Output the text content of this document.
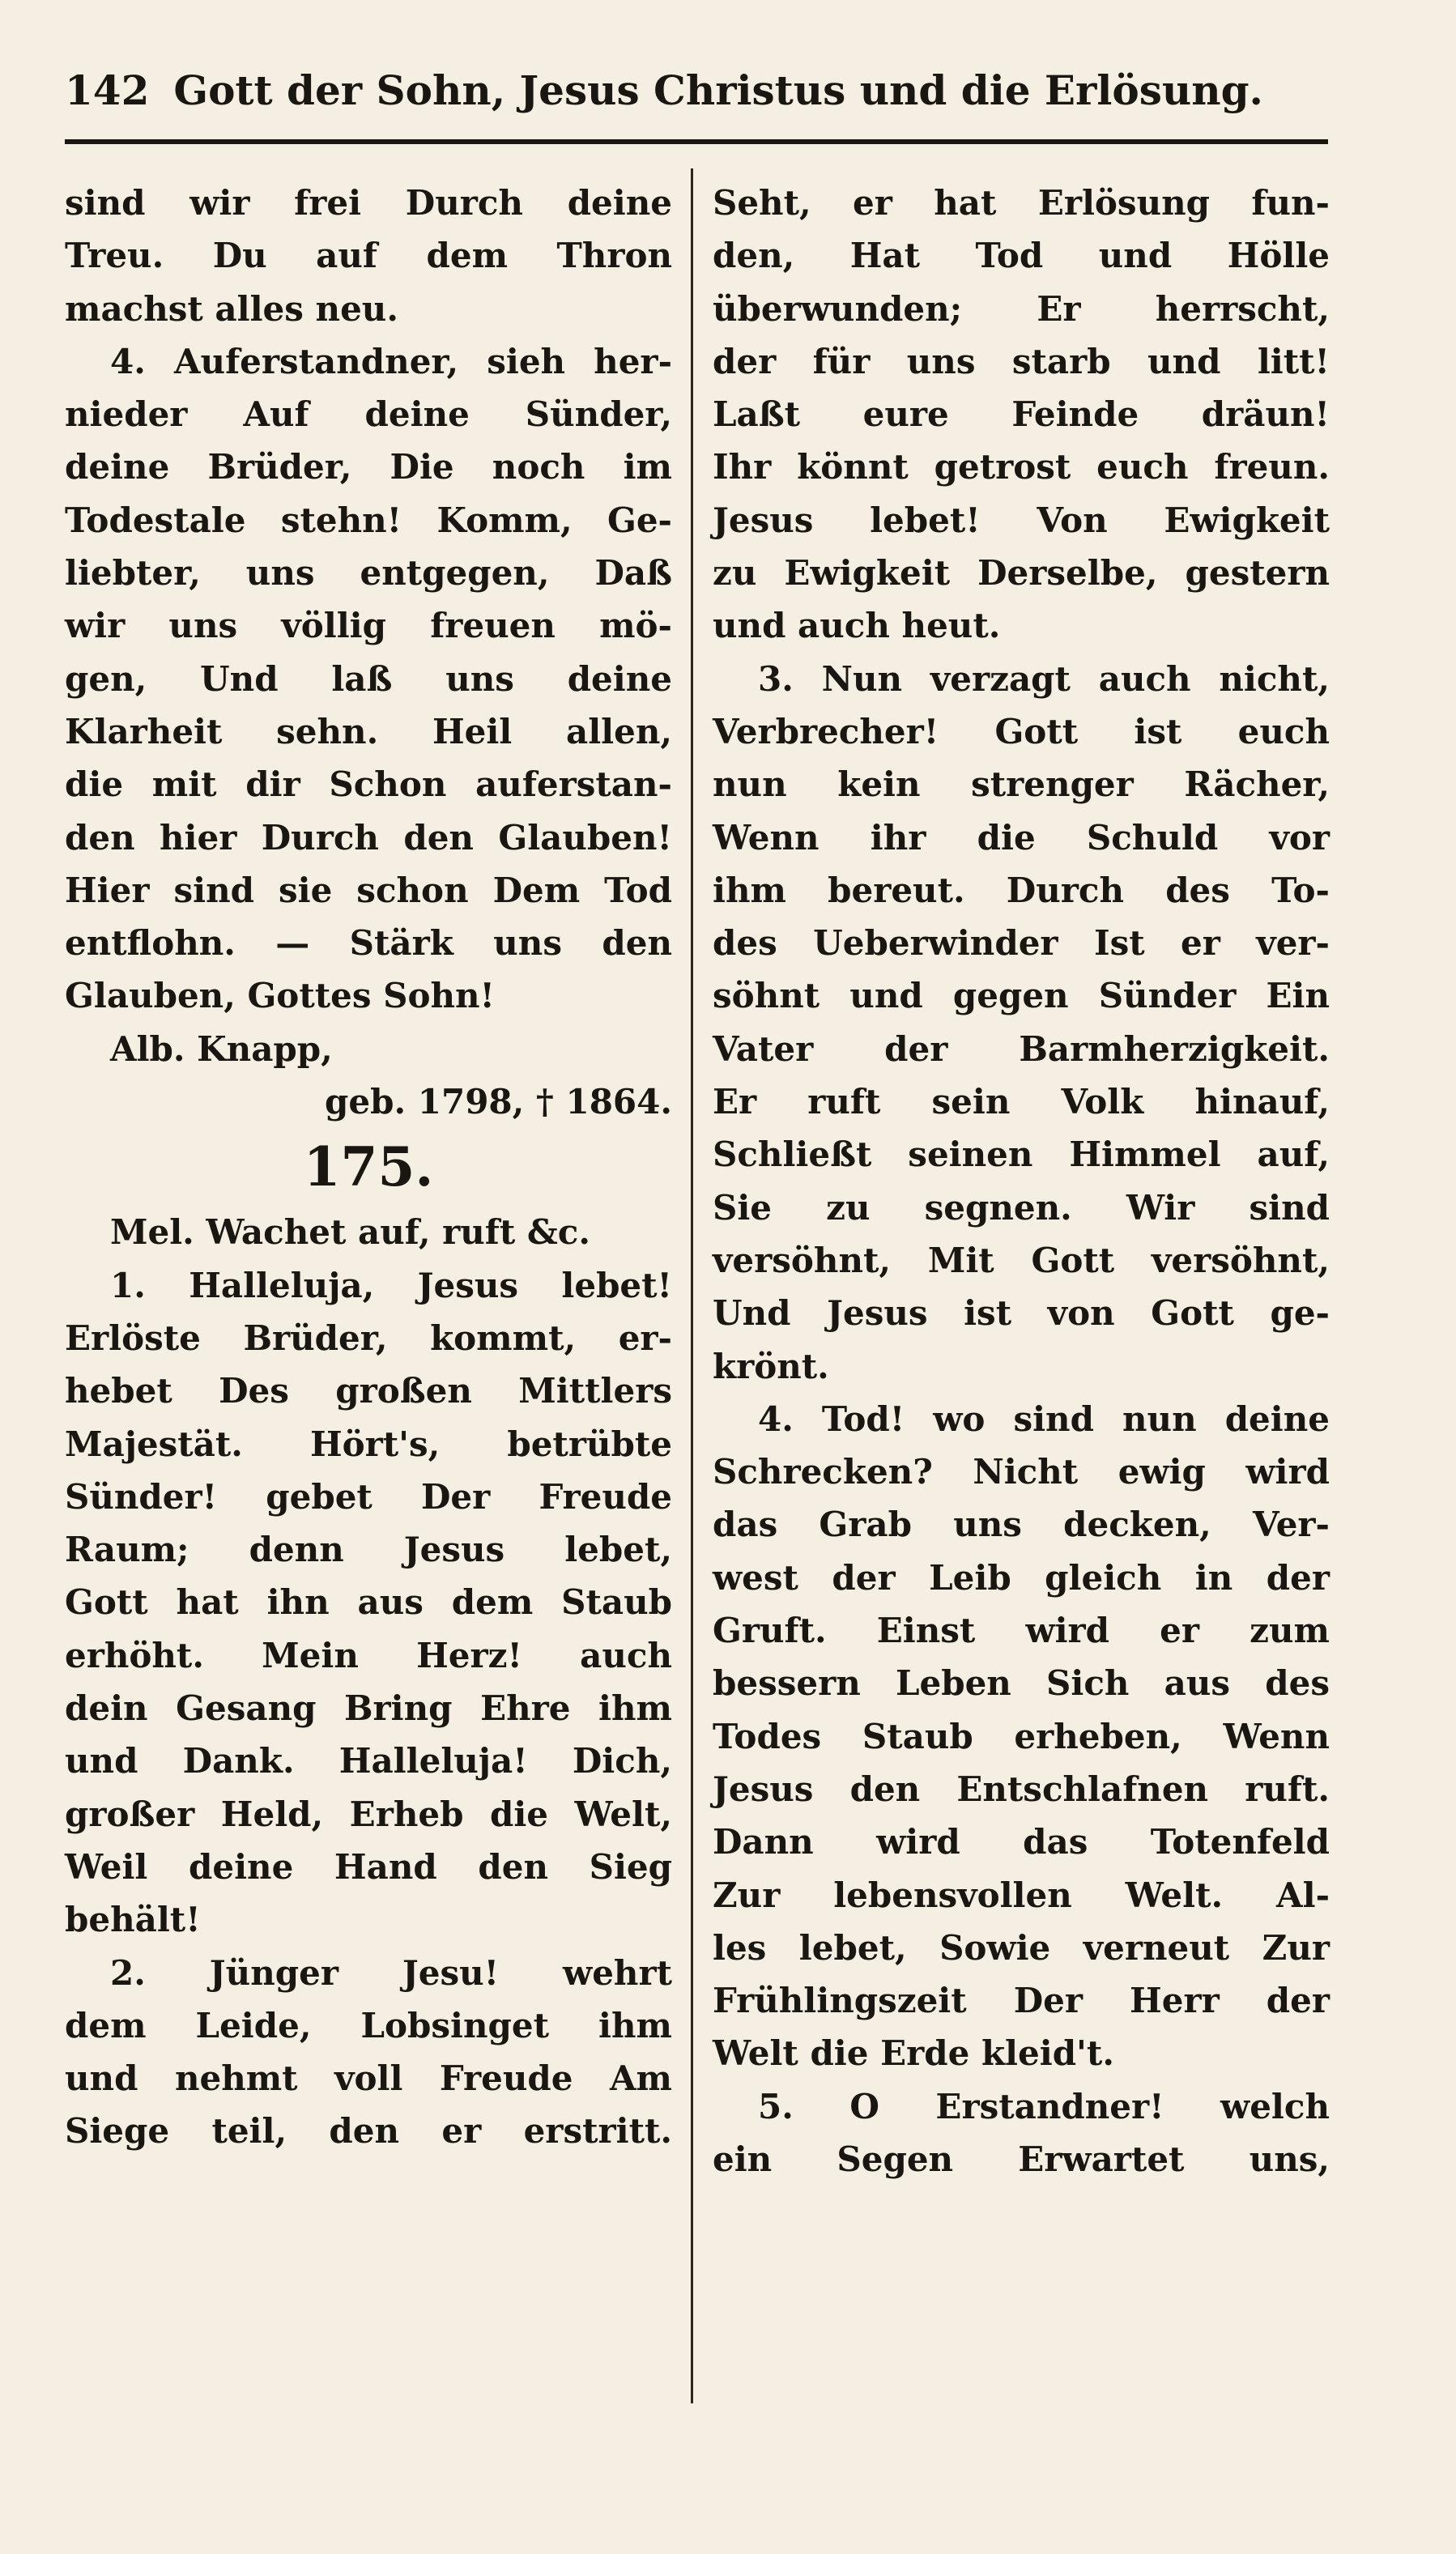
142 Gott der Sohn, Jesus Christus und die Erlösung.
sind wir frei Durch deine
Treu. Du auf dem Thron
machst alles neu.
4. Auferstandner, sieh her-
nieder Auf deine Sünder,
deine Brüder, Die noch im
Todestale stehn! Komm, Ge-
liebter, uns entgegen, Daß
wir uns völlig freuen mö-
gen, Und laß uns deine
Klarheit sehn. Heil allen,
die mit dir Schon auferstan-
den hier Durch den Glauben!
Hier sind sie schon Dem Tod
entflohn. — Stärk uns den
Glauben, Gottes Sohn!
Alb. Knapp,
geb. 1798, † 1864.
175.
Mel. Wachet auf, ruft &c.
1. Halleluja, Jesus lebet!
Erlöste Brüder, kommt, er-
hebet Des großen Mittlers
Majestät. Hört's, betrübte
Sünder! gebet Der Freude
Raum; denn Jesus lebet,
Gott hat ihn aus dem Staub
erhöht. Mein Herz! auch
dein Gesang Bring Ehre ihm
und Dank. Halleluja! Dich,
großer Held, Erheb die Welt,
Weil deine Hand den Sieg
behält!
2. Jünger Jesu! wehrt
dem Leide, Lobsinget ihm
und nehmt voll Freude Am
Siege teil, den er erstritt.
Seht, er hat Erlösung fun-
den, Hat Tod und Hölle
überwunden; Er herrscht,
der für uns starb und litt!
Laßt eure Feinde dräun!
Ihr könnt getrost euch freun.
Jesus lebet! Von Ewigkeit
zu Ewigkeit Derselbe, gestern
und auch heut.
3. Nun verzagt auch nicht,
Verbrecher! Gott ist euch
nun kein strenger Rächer,
Wenn ihr die Schuld vor
ihm bereut. Durch des To-
des Ueberwinder Ist er ver-
söhnt und gegen Sünder Ein
Vater der Barmherzigkeit.
Er ruft sein Volk hinauf,
Schließt seinen Himmel auf,
Sie zu segnen. Wir sind
versöhnt, Mit Gott versöhnt,
Und Jesus ist von Gott ge-
krönt.
4. Tod! wo sind nun deine
Schrecken? Nicht ewig wird
das Grab uns decken, Ver-
west der Leib gleich in der
Gruft. Einst wird er zum
bessern Leben Sich aus des
Todes Staub erheben, Wenn
Jesus den Entschlafnen ruft.
Dann wird das Totenfeld
Zur lebensvollen Welt. Al-
les lebet, Sowie verneut Zur
Frühlingszeit Der Herr der
Welt die Erde kleid't.
5. O Erstandner! welch
ein Segen Erwartet uns,
